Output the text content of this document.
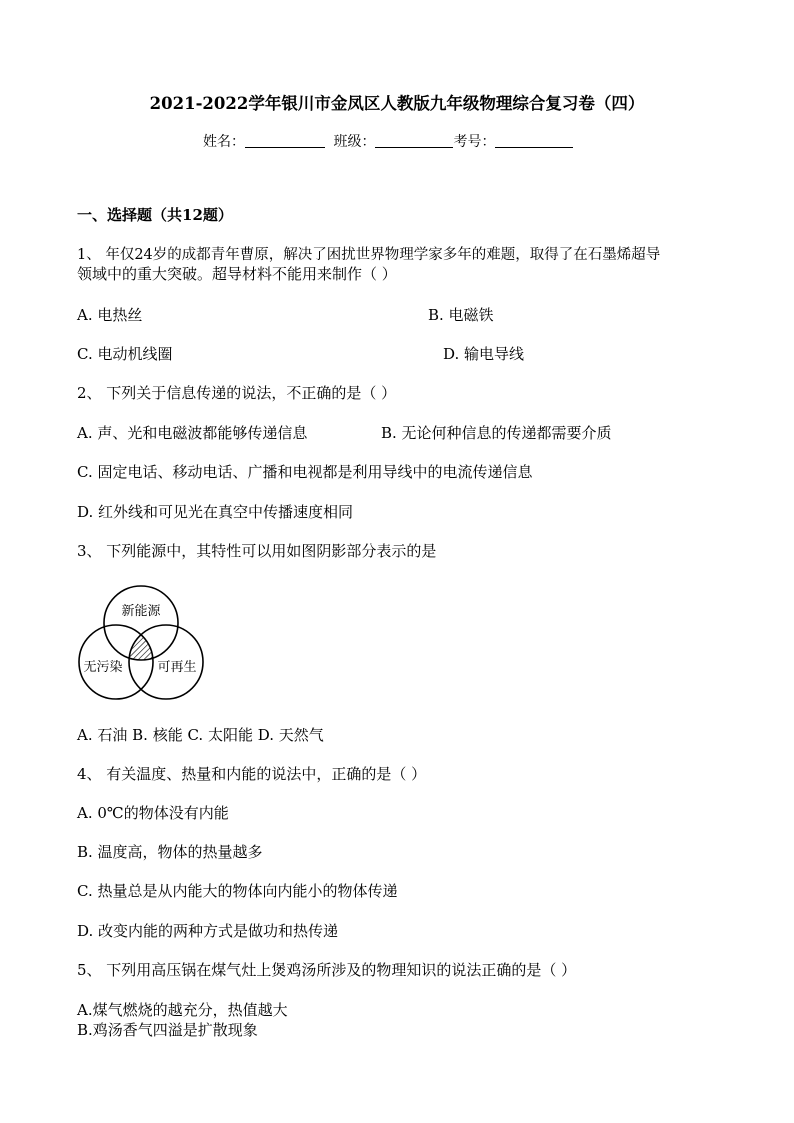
2021-2022学年银川市金凤区人教版九年级物理综合复习卷（四）
姓名：	班级：	考号：
一、选择题（共12题）
1、 年仅24岁的成都青年曹原，解决了困扰世界物理学家多年的难题，取得了在石墨烯超导
领域中的重大突破。超导材料不能用来制作（ ）
A. 电热丝	B. 电磁铁
C. 电动机线圈	D. 输电导线
2、 下列关于信息传递的说法，不正确的是（ ）
A. 声、光和电磁波都能够传递信息	B. 无论何种信息的传递都需要介质
C. 固定电话、移动电话、广播和电视都是利用导线中的电流传递信息
D. 红外线和可见光在真空中传播速度相同
3、 下列能源中，其特性可以用如图阴影部分表示的是
新能源
无污染	可再生
A. 石油 B. 核能 C. 太阳能 D. 天然气
4、 有关温度、热量和内能的说法中，正确的是（ ）
A. 0℃的物体没有内能
B. 温度高，物体的热量越多
C. 热量总是从内能大的物体向内能小的物体传递
D. 改变内能的两种方式是做功和热传递
5、 下列用高压锅在煤气灶上煲鸡汤所涉及的物理知识的说法正确的是（ ）
A.煤气燃烧的越充分，热值越大
B.鸡汤香气四溢是扩散现象
